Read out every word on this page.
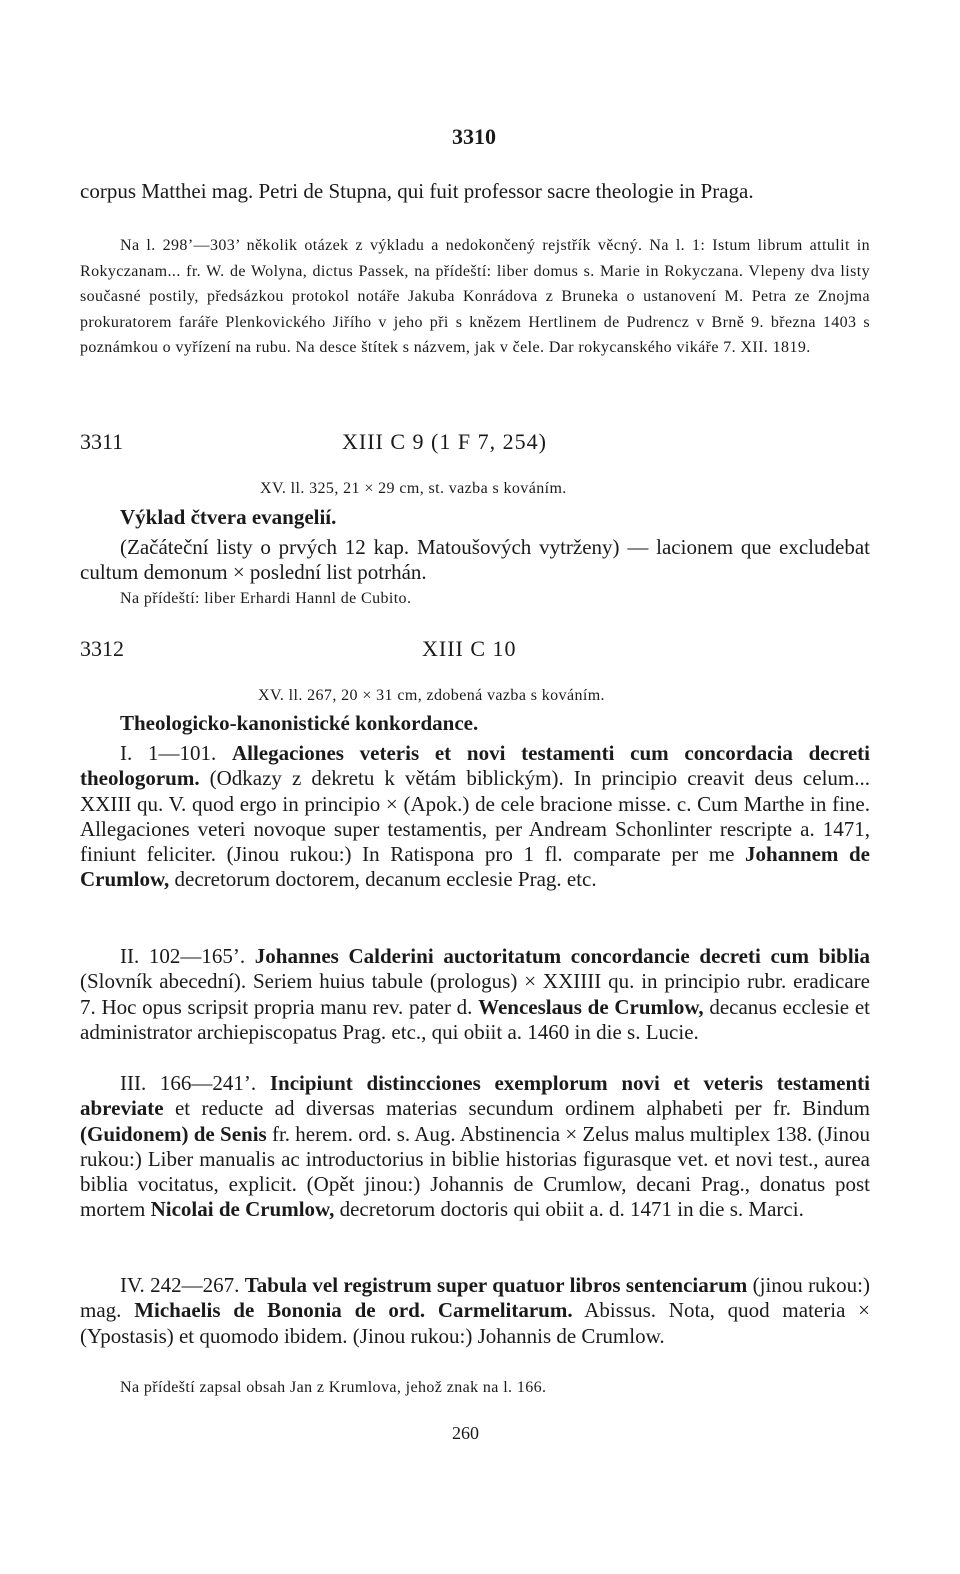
3310

corpus Matthei mag. Petri de Stupna, qui fuit professor sacre theologie in Praga.

Na l. 298’—303’ několik otázek z výkladu a nedokončený rejstřík věcný. Na l. 1: Istum librum attulit in Rokyczanam... fr. W. de Wolyna, dictus Passek, na přídeští: liber domus s. Marie in Rokyczana. Vlepeny dva listy současné postily, předsázkou protokol notáře Jakuba Konrádova z Bruneka o ustanovení M. Petra ze Znojma prokuratorem faráře Plenkovického Jiřího v jeho při s knězem Hertlinem de Pudrencz v Brně 9. března 1403 s poznámkou o vyřízení na rubu. Na desce štítek s názvem, jak v čele. Dar rokycanského vikáře 7. XII. 1819.

3311	XIII C 9 (1 F 7, 254)
XV. ll. 325, 21 × 29 cm, st. vazba s kováním.
Výklad čtvera evangelií.

(Začáteční listy o prvých 12 kap. Matoušových vytrženy) — lacionem que excludebat cultum demonum × poslední list potrhán.

Na přídeští: liber Erhardi Hannl de Cubito.
3312	XIII C 10
XV. ll. 267, 20 × 31 cm, zdobená vazba s kováním.
Theologicko-kanonistické konkordance.

I. 1—101. Allegaciones veteris et novi testamenti cum concordacia decreti theologorum. (Odkazy z dekretu k větám biblickým). In principio creavit deus celum... XXIII qu. V. quod ergo in principio × (Apok.) de cele bracione misse. c. Cum Marthe in fine. Allegaciones veteri novoque super testamentis, per Andream Schonlinter rescripte a. 1471, finiunt feliciter. (Jinou rukou:) In Ratispona pro 1 fl. comparate per me Johannem de Crumlow, decretorum doctorem, decanum ecclesie Prag. etc.

II. 102—165’. Johannes Calderini auctoritatum concordancie decreti cum biblia (Slovník abecední). Seriem huius tabule (prologus) × XXIIII qu. in principio rubr. eradicare 7. Hoc opus scripsit propria manu rev. pater d. Wenceslaus de Crumlow, decanus ecclesie et administrator archiepiscopatus Prag. etc., qui obiit a. 1460 in die s. Lucie.

III. 166—241’. Incipiunt distincciones exemplorum novi et veteris testamenti abreviate et reducte ad diversas materias secundum ordinem alphabeti per fr. Bindum (Guidonem) de Senis fr. herem. ord. s. Aug. Abstinencia × Zelus malus multiplex 138. (Jinou rukou:) Liber manualis ac introductorius in biblie historias figurasque vet. et novi test., aurea biblia vocitatus, explicit. (Opět jinou:) Johannis de Crumlow, decani Prag., donatus post mortem Nicolai de Crumlow, decretorum doctoris qui obiit a. d. 1471 in die s. Marci.

IV. 242—267. Tabula vel registrum super quatuor libros sentenciarum (jinou rukou:) mag. Michaelis de Bononia de ord. Carmelitarum. Abissus. Nota, quod materia × (Ypostasis) et quomodo ibidem. (Jinou rukou:) Johannis de Crumlow.

Na přídeští zapsal obsah Jan z Krumlova, jehož znak na l. 166.
260
